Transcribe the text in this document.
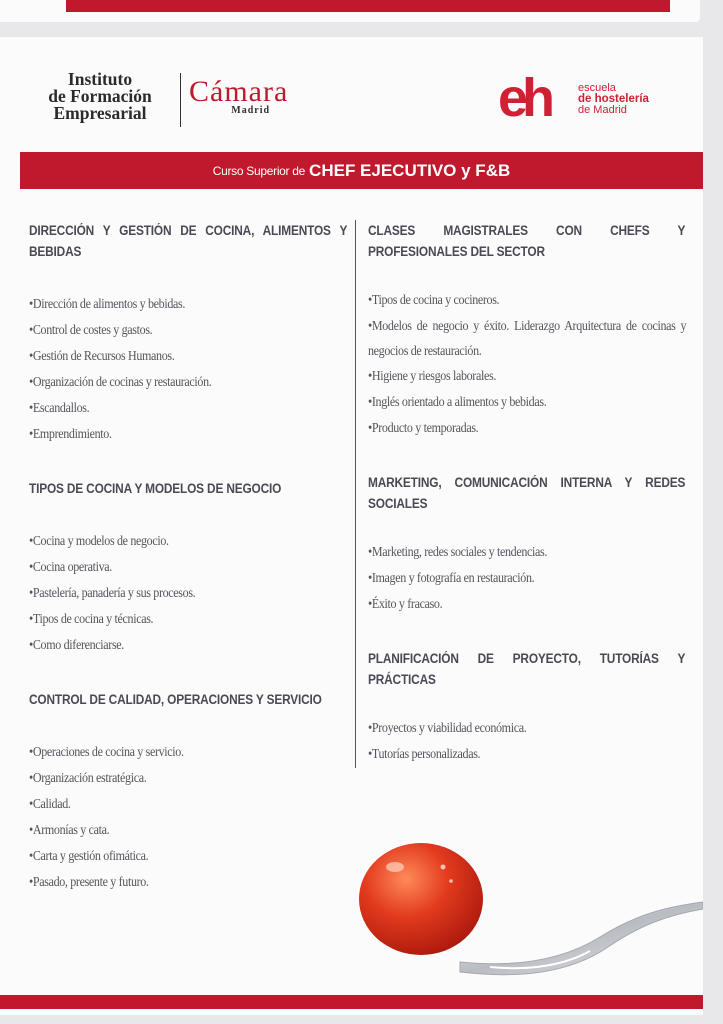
Instituto
de Formación
Empresarial
Cámara
Madrid	eh	escuela
de hostelería
de Madrid
Curso Superior de CHEF EJECUTIVO y F&B
DIRECCIÓN Y GESTIÓN DE COCINA, ALIMENTOS Y BEBIDAS
•Dirección de alimentos y bebidas.
•Control de costes y gastos.
•Gestión de Recursos Humanos.
•Organización de cocinas y restauración.
•Escandallos.
•Emprendimiento.
TIPOS DE COCINA Y MODELOS DE NEGOCIO
•Cocina y modelos de negocio.
•Cocina operativa.
•Pastelería, panadería y sus procesos.
•Tipos de cocina y técnicas.
•Como diferenciarse.
CONTROL DE CALIDAD, OPERACIONES Y SERVICIO
•Operaciones de cocina y servicio.
•Organización estratégica.
•Calidad.
•Armonías y cata.
•Carta y gestión ofimática.
•Pasado, presente y futuro.
CLASES MAGISTRALES CON CHEFS Y PROFESIONALES DEL SECTOR
•Tipos de cocina y cocineros.
•Modelos de negocio y éxito. Liderazgo Arquitectura de cocinas y negocios de restauración.
•Higiene y riesgos laborales.
•Inglés orientado a alimentos y bebidas.
•Producto y temporadas.
MARKETING, COMUNICACIÓN INTERNA Y REDES SOCIALES
•Marketing, redes sociales y tendencias.
•Imagen y fotografía en restauración.
•Éxito y fracaso.
PLANIFICACIÓN DE PROYECTO, TUTORÍAS Y PRÁCTICAS
•Proyectos y viabilidad económica.
•Tutorías personalizadas.
